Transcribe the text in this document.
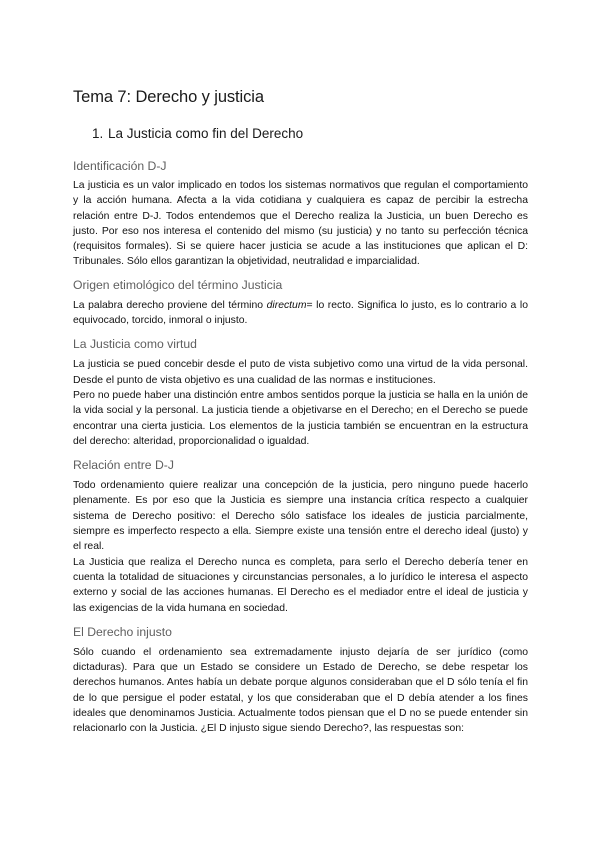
Tema 7: Derecho y justicia
1. La Justicia como fin del Derecho
Identificación D-J

La justicia es un valor implicado en todos los sistemas normativos que regulan el comportamiento y la acción humana. Afecta a la vida cotidiana y cualquiera es capaz de percibir la estrecha relación entre D-J. Todos entendemos que el Derecho realiza la Justicia, un buen Derecho es justo. Por eso nos interesa el contenido del mismo (su justicia) y no tanto su perfección técnica (requisitos formales). Si se quiere hacer justicia se acude a las instituciones que aplican el D: Tribunales. Sólo ellos garantizan la objetividad, neutralidad e imparcialidad.

Origen etimológico del término Justicia

La palabra derecho proviene del término directum= lo recto. Significa lo justo, es lo contrario a lo equivocado, torcido, inmoral o injusto.

La Justicia como virtud

La justicia se pued concebir desde el puto de vista subjetivo como una virtud de la vida personal. Desde el punto de vista objetivo es una cualidad de las normas e instituciones.

Pero no puede haber una distinción entre ambos sentidos porque la justicia se halla en la unión de la vida social y la personal. La justicia tiende a objetivarse en el Derecho; en el Derecho se puede encontrar una cierta justicia. Los elementos de la justicia también se encuentran en la estructura del derecho: alteridad, proporcionalidad o igualdad.

Relación entre D-J

Todo ordenamiento quiere realizar una concepción de la justicia, pero ninguno puede hacerlo plenamente. Es por eso que la Justicia es siempre una instancia crítica respecto a cualquier sistema de Derecho positivo: el Derecho sólo satisface los ideales de justicia parcialmente, siempre es imperfecto respecto a ella. Siempre existe una tensión entre el derecho ideal (justo) y el real.

La Justicia que realiza el Derecho nunca es completa, para serlo el Derecho debería tener en cuenta la totalidad de situaciones y circunstancias personales, a lo jurídico le interesa el aspecto externo y social de las acciones humanas. El Derecho es el mediador entre el ideal de justicia y las exigencias de la vida humana en sociedad.

El Derecho injusto

Sólo cuando el ordenamiento sea extremadamente injusto dejaría de ser jurídico (como dictaduras). Para que un Estado se considere un Estado de Derecho, se debe respetar los derechos humanos. Antes había un debate porque algunos consideraban que el D sólo tenía el fin de lo que persigue el poder estatal, y los que consideraban que el D debía atender a los fines ideales que denominamos Justicia. Actualmente todos piensan que el D no se puede entender sin relacionarlo con la Justicia. ¿El D injusto sigue siendo Derecho?, las respuestas son:
